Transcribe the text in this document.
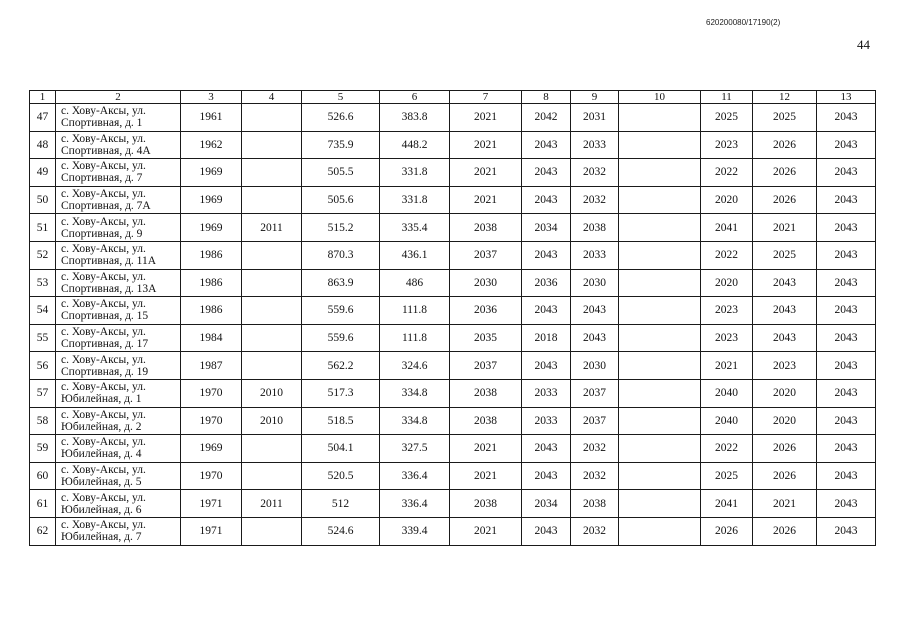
620200080/17190(2)
44
1	2	3	4	5	6	7	8	9	10	11	12	13
47	с. Хову-Аксы, ул.
Спортивная, д. 1	1961		526.6	383.8	2021	2042	2031		2025	2025	2043
48	с. Хову-Аксы, ул.
Спортивная, д. 4А	1962		735.9	448.2	2021	2043	2033		2023	2026	2043
49	с. Хову-Аксы, ул.
Спортивная, д. 7	1969		505.5	331.8	2021	2043	2032		2022	2026	2043
50	с. Хову-Аксы, ул.
Спортивная, д. 7А	1969		505.6	331.8	2021	2043	2032		2020	2026	2043
51	с. Хову-Аксы, ул.
Спортивная, д. 9	1969	2011	515.2	335.4	2038	2034	2038		2041	2021	2043
52	с. Хову-Аксы, ул.
Спортивная, д. 11А	1986		870.3	436.1	2037	2043	2033		2022	2025	2043
53	с. Хову-Аксы, ул.
Спортивная, д. 13А	1986		863.9	486	2030	2036	2030		2020	2043	2043
54	с. Хову-Аксы, ул.
Спортивная, д. 15	1986		559.6	111.8	2036	2043	2043		2023	2043	2043
55	с. Хову-Аксы, ул.
Спортивная, д. 17	1984		559.6	111.8	2035	2018	2043		2023	2043	2043
56	с. Хову-Аксы, ул.
Спортивная, д. 19	1987		562.2	324.6	2037	2043	2030		2021	2023	2043
57	с. Хову-Аксы, ул.
Юбилейная, д. 1	1970	2010	517.3	334.8	2038	2033	2037		2040	2020	2043
58	с. Хову-Аксы, ул.
Юбилейная, д. 2	1970	2010	518.5	334.8	2038	2033	2037		2040	2020	2043
59	с. Хову-Аксы, ул.
Юбилейная, д. 4	1969		504.1	327.5	2021	2043	2032		2022	2026	2043
60	с. Хову-Аксы, ул.
Юбилейная, д. 5	1970		520.5	336.4	2021	2043	2032		2025	2026	2043
61	с. Хову-Аксы, ул.
Юбилейная, д. 6	1971	2011	512	336.4	2038	2034	2038		2041	2021	2043
62	с. Хову-Аксы, ул.
Юбилейная, д. 7	1971		524.6	339.4	2021	2043	2032		2026	2026	2043
